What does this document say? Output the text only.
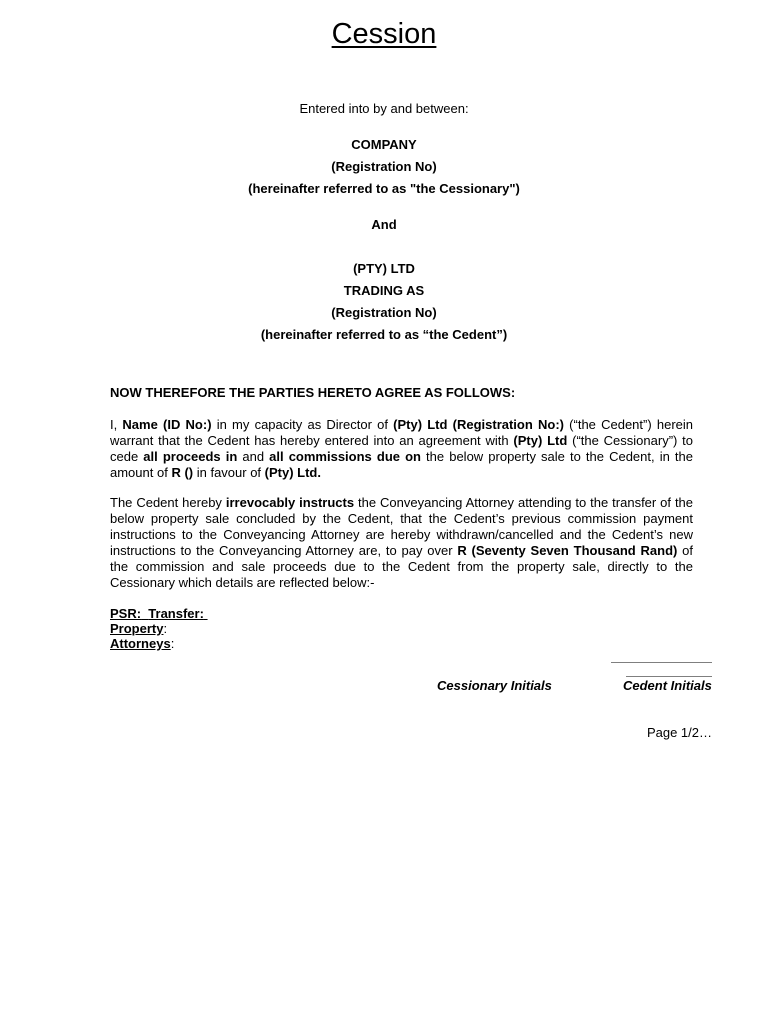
Cession
Entered into by and between:
COMPANY
(Registration No)
(hereinafter referred to as "the Cessionary")
And
(PTY) LTD
TRADING AS
(Registration No)
(hereinafter referred to as “the Cedent”)
NOW THEREFORE THE PARTIES HERETO AGREE AS FOLLOWS:
I, Name (ID No:) in my capacity as Director of (Pty) Ltd (Registration No:) (“the Cedent”) herein warrant that the Cedent has hereby entered into an agreement with (Pty) Ltd (“the Cessionary”) to cede all proceeds in and all commissions due on the below property sale to the Cedent, in the amount of R () in favour of (Pty) Ltd.
The Cedent hereby irrevocably instructs the Conveyancing Attorney attending to the transfer of the below property sale concluded by the Cedent, that the Cedent’s previous commission payment instructions to the Conveyancing Attorney are hereby withdrawn/cancelled and the Cedent’s new instructions to the Conveyancing Attorney are, to pay over R (Seventy Seven Thousand Rand) of the commission and sale proceeds due to the Cedent from the property sale, directly to the Cessionary which details are reflected below:-
PSR: Transfer:
Property:
Attorneys:
Cessionary Initials	Cedent Initials
Page 1/2…
